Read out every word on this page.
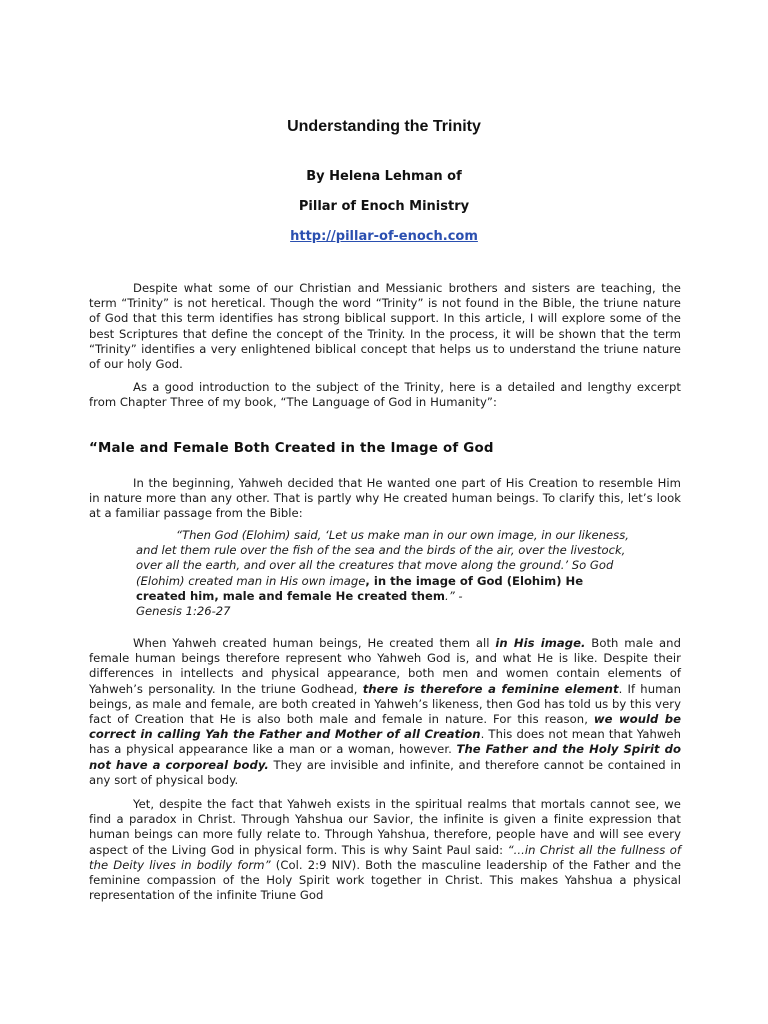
Understanding the Trinity
By Helena Lehman of
Pillar of Enoch Ministry
http://pillar-of-enoch.com

Despite what some of our Christian and Messianic brothers and sisters are teaching, the term “Trinity” is not heretical. Though the word “Trinity” is not found in the Bible, the triune nature of God that this term identifies has strong biblical support. In this article, I will explore some of the best Scriptures that define the concept of the Trinity. In the process, it will be shown that the term “Trinity” identifies a very enlightened biblical concept that helps us to understand the triune nature of our holy God.

As a good introduction to the subject of the Trinity, here is a detailed and lengthy excerpt from Chapter Three of my book, “The Language of God in Humanity”:

“Male and Female Both Created in the Image of God

In the beginning, Yahweh decided that He wanted one part of His Creation to resemble Him in nature more than any other. That is partly why He created human beings. To clarify this, let’s look at a familiar passage from the Bible:

“Then God (Elohim) said, ‘Let us make man in our own image, in our likeness, and let them rule over the fish of the sea and the birds of the air, over the livestock, over all the earth, and over all the creatures that move along the ground.’ So God (Elohim) created man in His own image, in the image of God (Elohim) He created him, male and female He created them.” -
Genesis 1:26-27

When Yahweh created human beings, He created them all in His image. Both male and female human beings therefore represent who Yahweh God is, and what He is like. Despite their differences in intellects and physical appearance, both men and women contain elements of Yahweh’s personality. In the triune Godhead, there is therefore a feminine element. If human beings, as male and female, are both created in Yahweh’s likeness, then God has told us by this very fact of Creation that He is also both male and female in nature. For this reason, we would be correct in calling Yah the Father and Mother of all Creation. This does not mean that Yahweh has a physical appearance like a man or a woman, however. The Father and the Holy Spirit do not have a corporeal body. They are invisible and infinite, and therefore cannot be contained in any sort of physical body.

Yet, despite the fact that Yahweh exists in the spiritual realms that mortals cannot see, we find a paradox in Christ. Through Yahshua our Savior, the infinite is given a finite expression that human beings can more fully relate to. Through Yahshua, therefore, people have and will see every aspect of the Living God in physical form. This is why Saint Paul said: “...in Christ all the fullness of the Deity lives in bodily form” (Col. 2:9 NIV). Both the masculine leadership of the Father and the feminine compassion of the Holy Spirit work together in Christ. This makes Yahshua a physical representation of the infinite Triune God
